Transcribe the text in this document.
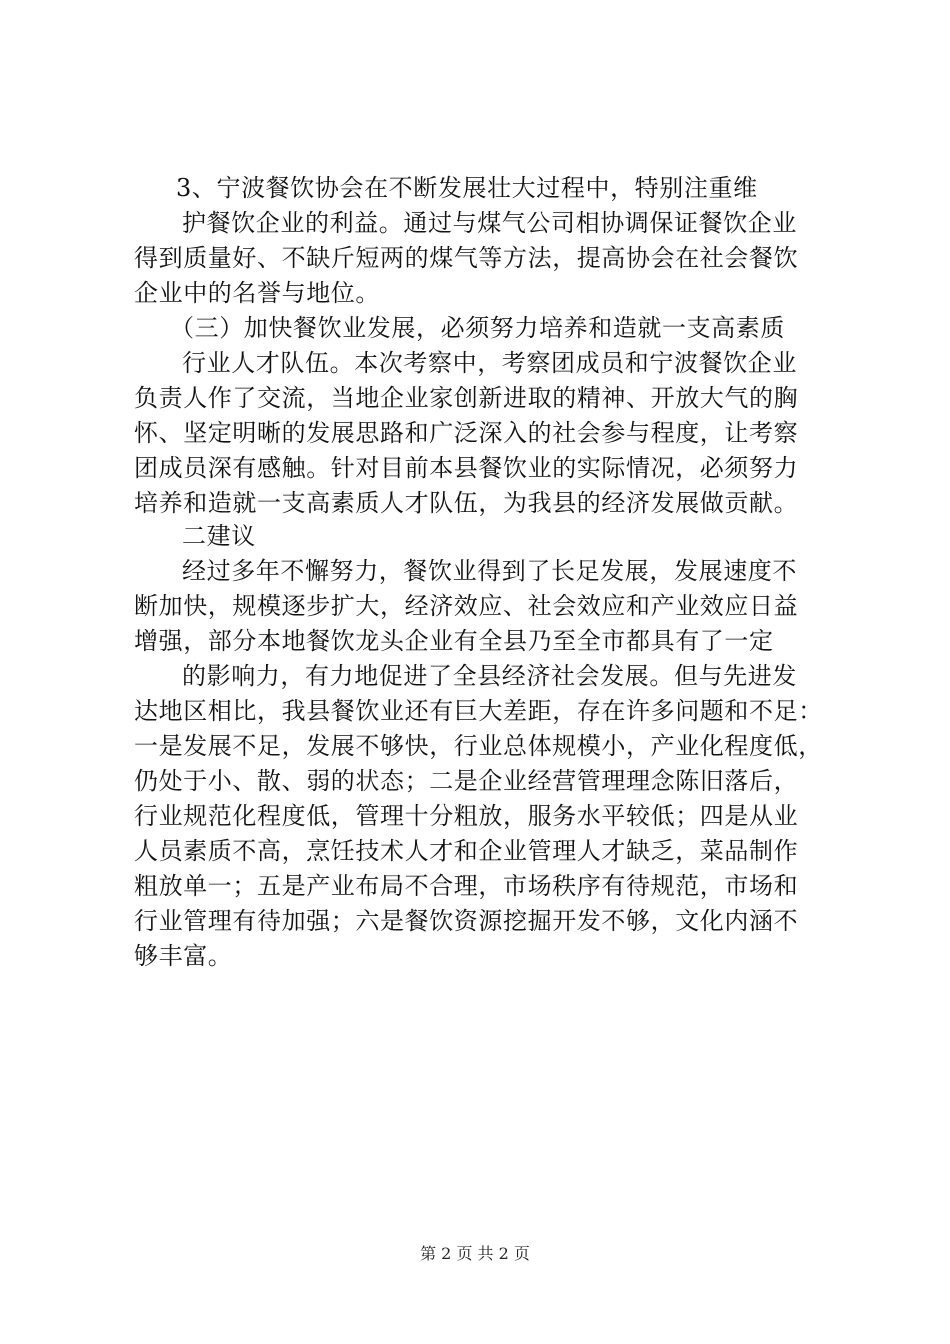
3、宁波餐饮协会在不断发展壮大过程中，特别注重维
护餐饮企业的利益。通过与煤气公司相协调保证餐饮企业
得到质量好、不缺斤短两的煤气等方法，提高协会在社会餐饮
企业中的名誉与地位。
（三）加快餐饮业发展，必须努力培养和造就一支高素质
行业人才队伍。本次考察中，考察团成员和宁波餐饮企业
负责人作了交流，当地企业家创新进取的精神、开放大气的胸
怀、坚定明晰的发展思路和广泛深入的社会参与程度，让考察
团成员深有感触。针对目前本县餐饮业的实际情况，必须努力
培养和造就一支高素质人才队伍，为我县的经济发展做贡献。
二建议
经过多年不懈努力，餐饮业得到了长足发展，发展速度不
断加快，规模逐步扩大，经济效应、社会效应和产业效应日益
增强，部分本地餐饮龙头企业有全县乃至全市都具有了一定
的影响力，有力地促进了全县经济社会发展。但与先进发
达地区相比，我县餐饮业还有巨大差距，存在许多问题和不足：
一是发展不足，发展不够快，行业总体规模小，产业化程度低，
仍处于小、散、弱的状态；二是企业经营管理理念陈旧落后，
行业规范化程度低，管理十分粗放，服务水平较低；四是从业
人员素质不高，烹饪技术人才和企业管理人才缺乏，菜品制作
粗放单一；五是产业布局不合理，市场秩序有待规范，市场和
行业管理有待加强；六是餐饮资源挖掘开发不够，文化内涵不
够丰富。
第 2 页 共 2 页
